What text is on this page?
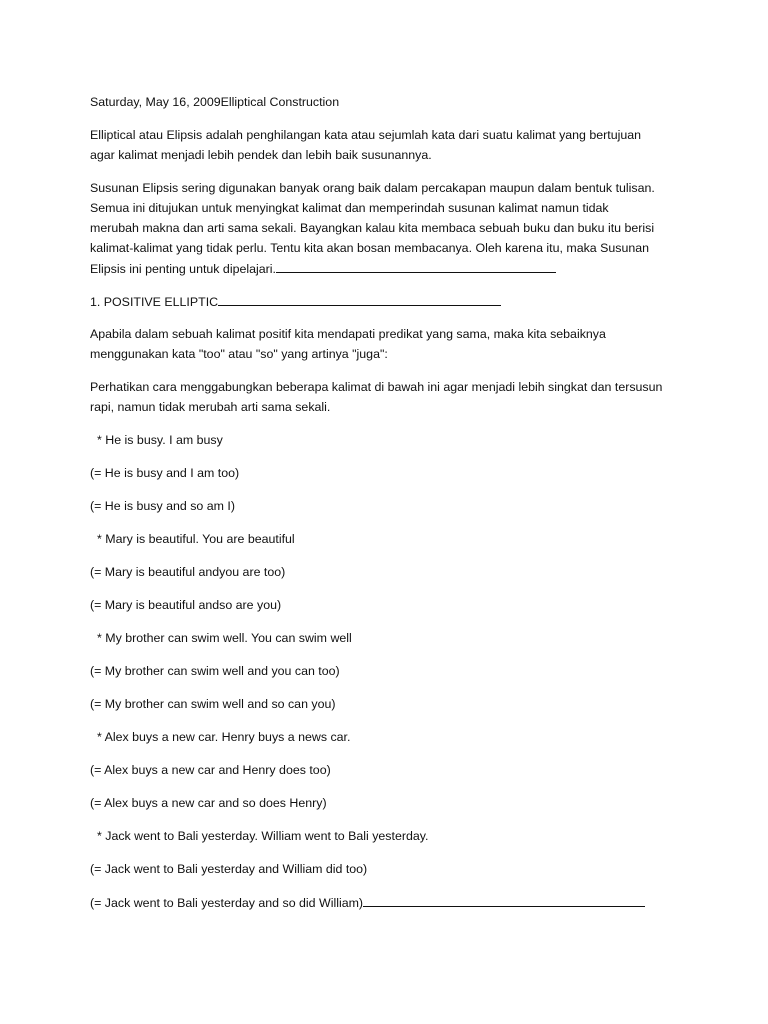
Saturday, May 16, 2009Elliptical Construction

Elliptical atau Elipsis adalah penghilangan kata atau sejumlah kata dari suatu kalimat yang bertujuan

agar kalimat menjadi lebih pendek dan lebih baik susunannya.

Susunan Elipsis sering digunakan banyak orang baik dalam percakapan maupun dalam bentuk tulisan.

Semua ini ditujukan untuk menyingkat kalimat dan memperindah susunan kalimat namun tidak

merubah makna dan arti sama sekali. Bayangkan kalau kita membaca sebuah buku dan buku itu berisi

kalimat-kalimat yang tidak perlu. Tentu kita akan bosan membacanya. Oleh karena itu, maka Susunan

Elipsis ini penting untuk dipelajari.

1. POSITIVE ELLIPTIC

Apabila dalam sebuah kalimat positif kita mendapati predikat yang sama, maka kita sebaiknya

menggunakan kata "too" atau "so" yang artinya "juga":

Perhatikan cara menggabungkan beberapa kalimat di bawah ini agar menjadi lebih singkat dan tersusun

rapi, namun tidak merubah arti sama sekali.

* He is busy. I am busy

(= He is busy and I am too)

(= He is busy and so am I)

* Mary is beautiful. You are beautiful

(= Mary is beautiful andyou are too)

(= Mary is beautiful andso are you)

* My brother can swim well. You can swim well

(= My brother can swim well and you can too)

(= My brother can swim well and so can you)

* Alex buys a new car. Henry buys a news car.

(= Alex buys a new car and Henry does too)

(= Alex buys a new car and so does Henry)

* Jack went to Bali yesterday. William went to Bali yesterday.

(= Jack went to Bali yesterday and William did too)

(= Jack went to Bali yesterday and so did William)
